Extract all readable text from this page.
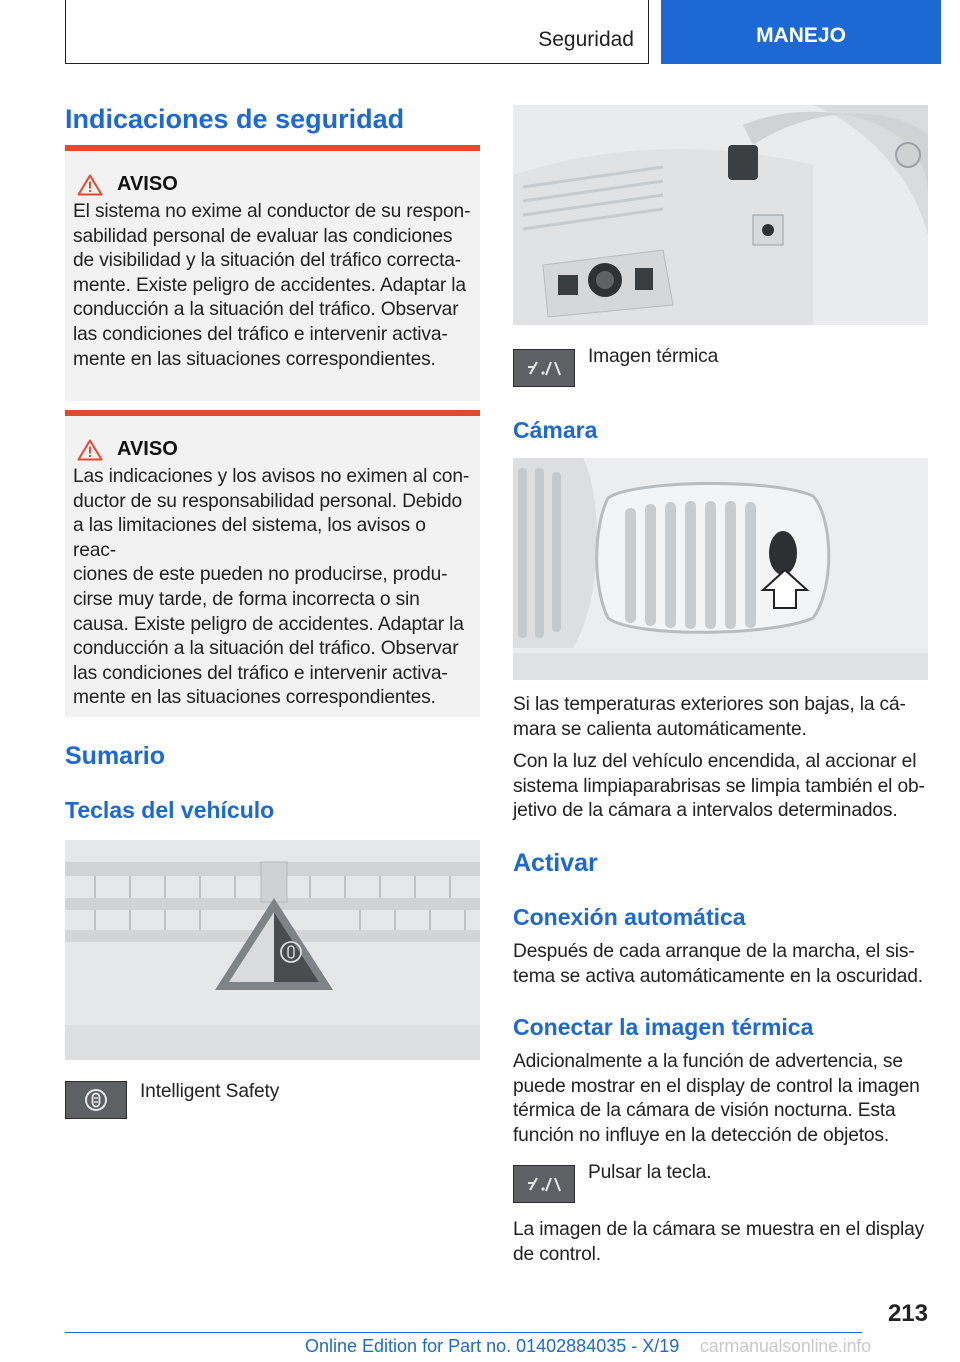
Seguridad	MANEJO
Indicaciones de seguridad
AVISO
El sistema no exime al conductor de su respon‐
sabilidad personal de evaluar las condiciones
de visibilidad y la situación del tráfico correcta‐
mente. Existe peligro de accidentes. Adaptar la
conducción a la situación del tráfico. Observar
las condiciones del tráfico e intervenir activa‐
mente en las situaciones correspondientes.
AVISO
Las indicaciones y los avisos no eximen al con‐
ductor de su responsabilidad personal. Debido
a las limitaciones del sistema, los avisos o reac‐
ciones de este pueden no producirse, produ‐
cirse muy tarde, de forma incorrecta o sin
causa. Existe peligro de accidentes. Adaptar la
conducción a la situación del tráfico. Observar
las condiciones del tráfico e intervenir activa‐
mente en las situaciones correspondientes.
Sumario
Teclas del vehículo

Intelligent Safety

Imagen térmica

Cámara
Si las temperaturas exteriores son bajas, la cá‐
mara se calienta automáticamente.
Con la luz del vehículo encendida, al accionar el
sistema limpiaparabrisas se limpia también el ob‐
jetivo de la cámara a intervalos determinados.
Activar
Conexión automática
Después de cada arranque de la marcha, el sis‐
tema se activa automáticamente en la oscuridad.
Conectar la imagen térmica
Adicionalmente a la función de advertencia, se
puede mostrar en el display de control la imagen
térmica de la cámara de visión nocturna. Esta
función no influye en la detección de objetos.

Pulsar la tecla.

La imagen de la cámara se muestra en el display
de control.
213
Online Edition for Part no. 01402884035 - X/19 carmanualsonline.info
